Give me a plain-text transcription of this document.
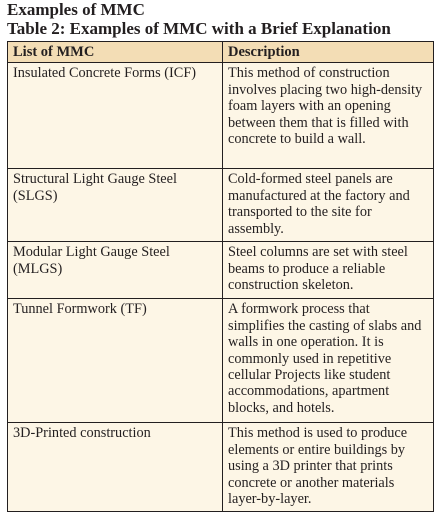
Examples of MMC
Table 2: Examples of MMC with a Brief Explanation
List of MMC	Description
Insulated Concrete Forms (ICF)	This method of construction involves placing two high-density foam layers with an opening between them that is filled with concrete to build a wall.
Structural Light Gauge Steel (SLGS)	Cold-formed steel panels are manufactured at the factory and transported to the site for assembly.
Modular Light Gauge Steel (MLGS)	Steel columns are set with steel beams to produce a reliable construction skeleton.
Tunnel Formwork (TF)	A formwork process that simplifies the casting of slabs and walls in one operation. It is commonly used in repetitive cellular Projects like student accommodations, apartment blocks, and hotels.
3D-Printed construction	This method is used to produce elements or entire buildings by using a 3D printer that prints concrete or another materials layer-by-layer.
